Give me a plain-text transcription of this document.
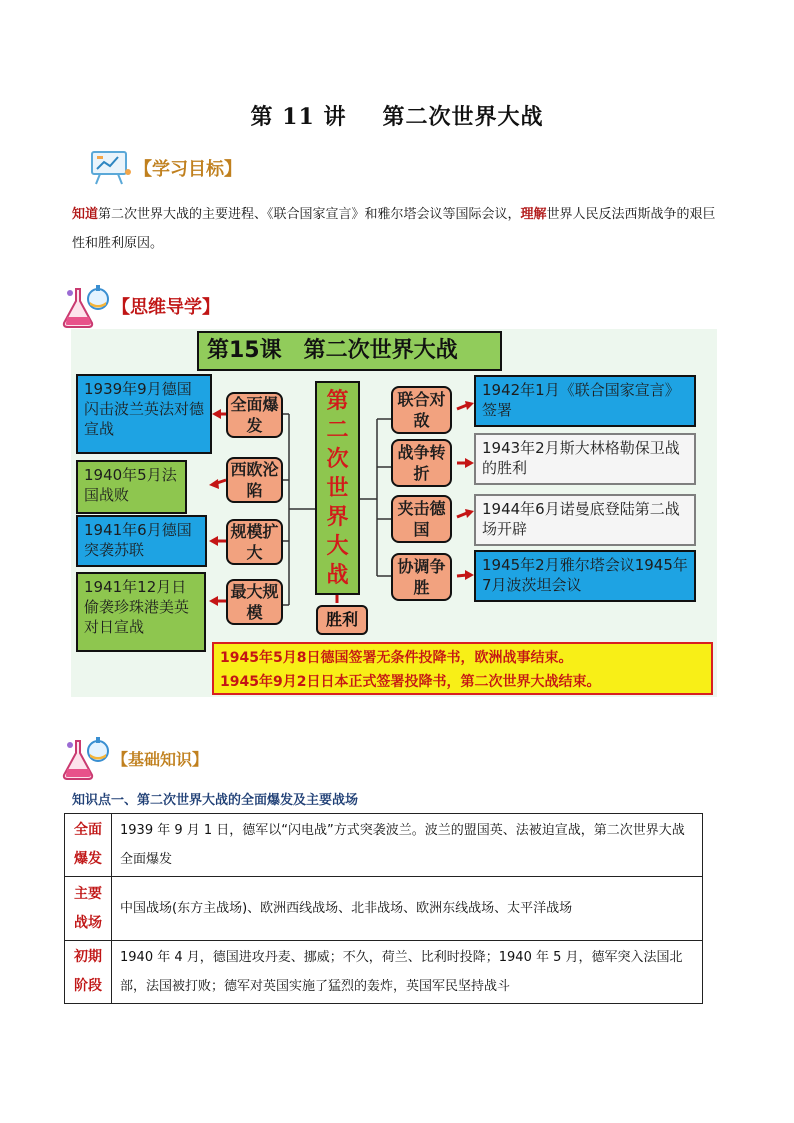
第 11 讲 第二次世界大战
【学习目标】
知道第二次世界大战的主要进程、《联合国家宣言》和雅尔塔会议等国际会议，理解世界人民反法西斯战争的艰巨性和胜利原因。
【思维导学】
第15课　第二次世界大战
1939年9月德国闪击波兰英法对德宣战
1940年5月法国战败
1941年6月德国突袭苏联
1941年12月日偷袭珍珠港美英对日宣战
全面爆发
西欧沦陷
规模扩大
最大规模
第二次世界大战
胜利
联合对敌
战争转折
夹击德国
协调争胜
1942年1月《联合国家宣言》签署
1943年2月斯大林格勒保卫战的胜利
1944年6月诺曼底登陆第二战场开辟
1945年2月雅尔塔会议1945年7月波茨坦会议
1945年5月8日德国签署无条件投降书，欧洲战事结束。
1945年9月2日日本正式签署投降书，第二次世界大战结束。
【基础知识】
知识点一、第二次世界大战的全面爆发及主要战场
全面爆发	1939 年 9 月 1 日，德军以“闪电战”方式突袭波兰。波兰的盟国英、法被迫宣战，第二次世界大战全面爆发
主要战场	中国战场(东方主战场)、欧洲西线战场、北非战场、欧洲东线战场、太平洋战场
初期阶段	1940 年 4 月，德国进攻丹麦、挪威；不久，荷兰、比利时投降；1940 年 5 月，德军突入法国北部，法国被打败；德军对英国实施了猛烈的轰炸，英国军民坚持战斗
